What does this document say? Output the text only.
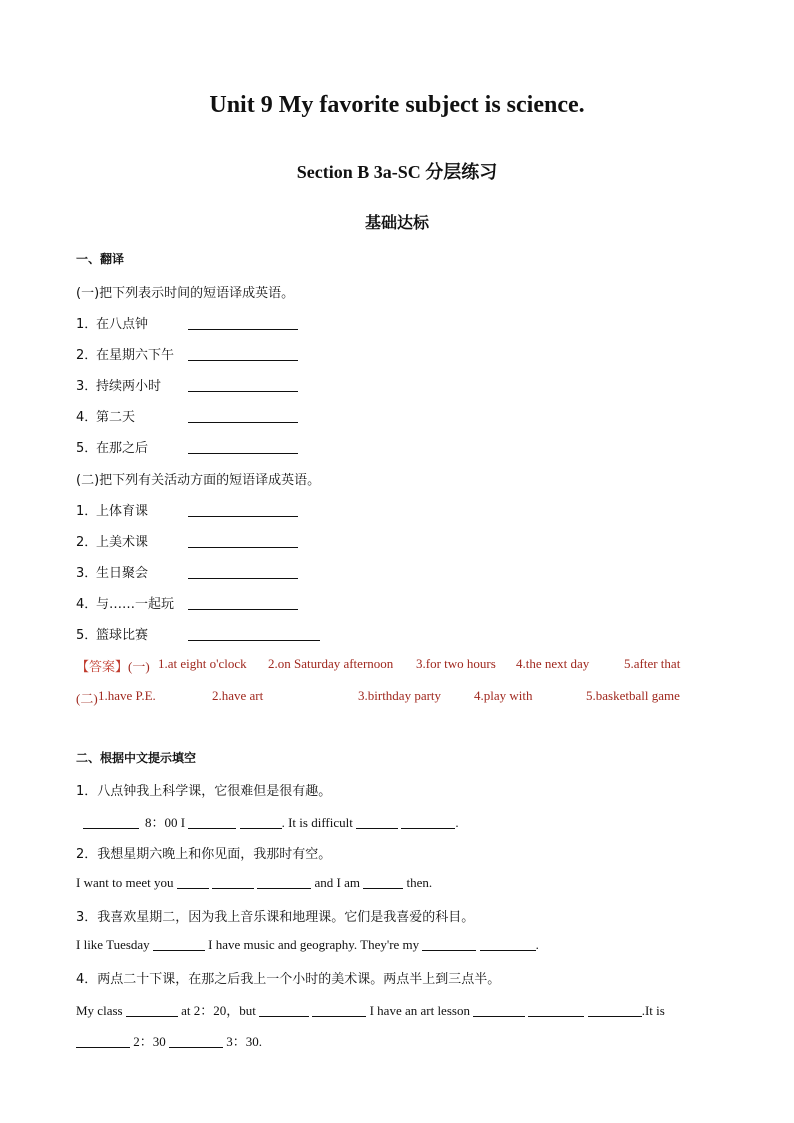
Unit 9 My favorite subject is science.
Section B 3a-SC 分层练习
基础达标
一、翻译
(一)把下列表示时间的短语译成英语。
1．在八点钟
2．在星期六下午
3．持续两小时
4．第二天
5．在那之后
(二)把下列有关活动方面的短语译成英语。
1．上体育课
2．上美术课
3．生日聚会
4．与……一起玩
5．篮球比赛
【答案】(一) 1.at eight o'clock 2.on Saturday afternoon 3.for two hours 4.the next day	5.after that
(二) 1.have P.E.	2.have art	3.birthday party	4.play with	5.basketball game
二、根据中文提示填空
1．八点钟我上科学课，它很难但是很有趣。
8：00 I	. It is difficult	.
2．我想星期六晚上和你见面，我那时有空。
I want to meet you	and I am	then.
3．我喜欢星期二，因为我上音乐课和地理课。它们是我喜爱的科目。
I like Tuesday	I have music and geography. They're my	.
4．两点二十下课，在那之后我上一个小时的美术课。两点半上到三点半。
My class	at 2：20，but	I have an art lesson	.It is
2：30	3：30.
